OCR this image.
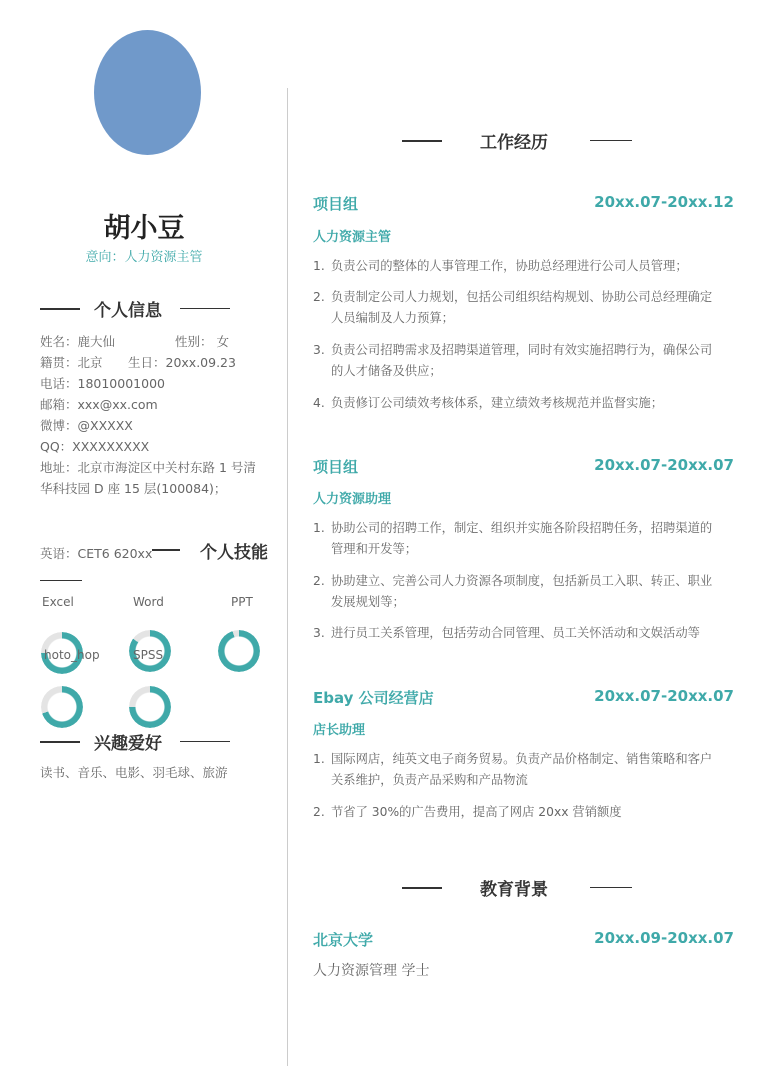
胡小豆
意向：人力资源主管
个人信息
姓名：鹿大仙	性别： 女
籍贯：北京 生日：20xx.09.23
电话：18010001000
邮箱：xxx@xx.com
微博：@XXXXX
QQ：XXXXXXXXX
地址：北京市海淀区中关村东路 1 号清
华科技园 D 座 15 层(100084)；
英语：CET6 620xx	个人技能
Excel	Word	PPT
hoto_hop	SPSS
兴趣爱好
读书、音乐、电影、羽毛球、旅游
工作经历
项目组	20xx.07-20xx.12
人力资源主管
1. 负责公司的整体的人事管理工作，协助总经理进行公司人员管理；
2. 负责制定公司人力规划，包括公司组织结构规划、协助公司总经理确定人员编制及人力预算；
3. 负责公司招聘需求及招聘渠道管理，同时有效实施招聘行为，确保公司的人才储备及供应；
4. 负责修订公司绩效考核体系，建立绩效考核规范并监督实施；
项目组	20xx.07-20xx.07
人力资源助理
1. 协助公司的招聘工作，制定、组织并实施各阶段招聘任务，招聘渠道的管理和开发等；
2. 协助建立、完善公司人力资源各项制度，包括新员工入职、转正、职业发展规划等；
3. 进行员工关系管理，包括劳动合同管理、员工关怀活动和文娱活动等
Ebay 公司经营店	20xx.07-20xx.07
店长助理
1. 国际网店，纯英文电子商务贸易。负责产品价格制定、销售策略和客户关系维护，负责产品采购和产品物流
2. 节省了 30%的广告费用，提高了网店 20xx 营销额度
教育背景
北京大学	20xx.09-20xx.07
人力资源管理 学士
